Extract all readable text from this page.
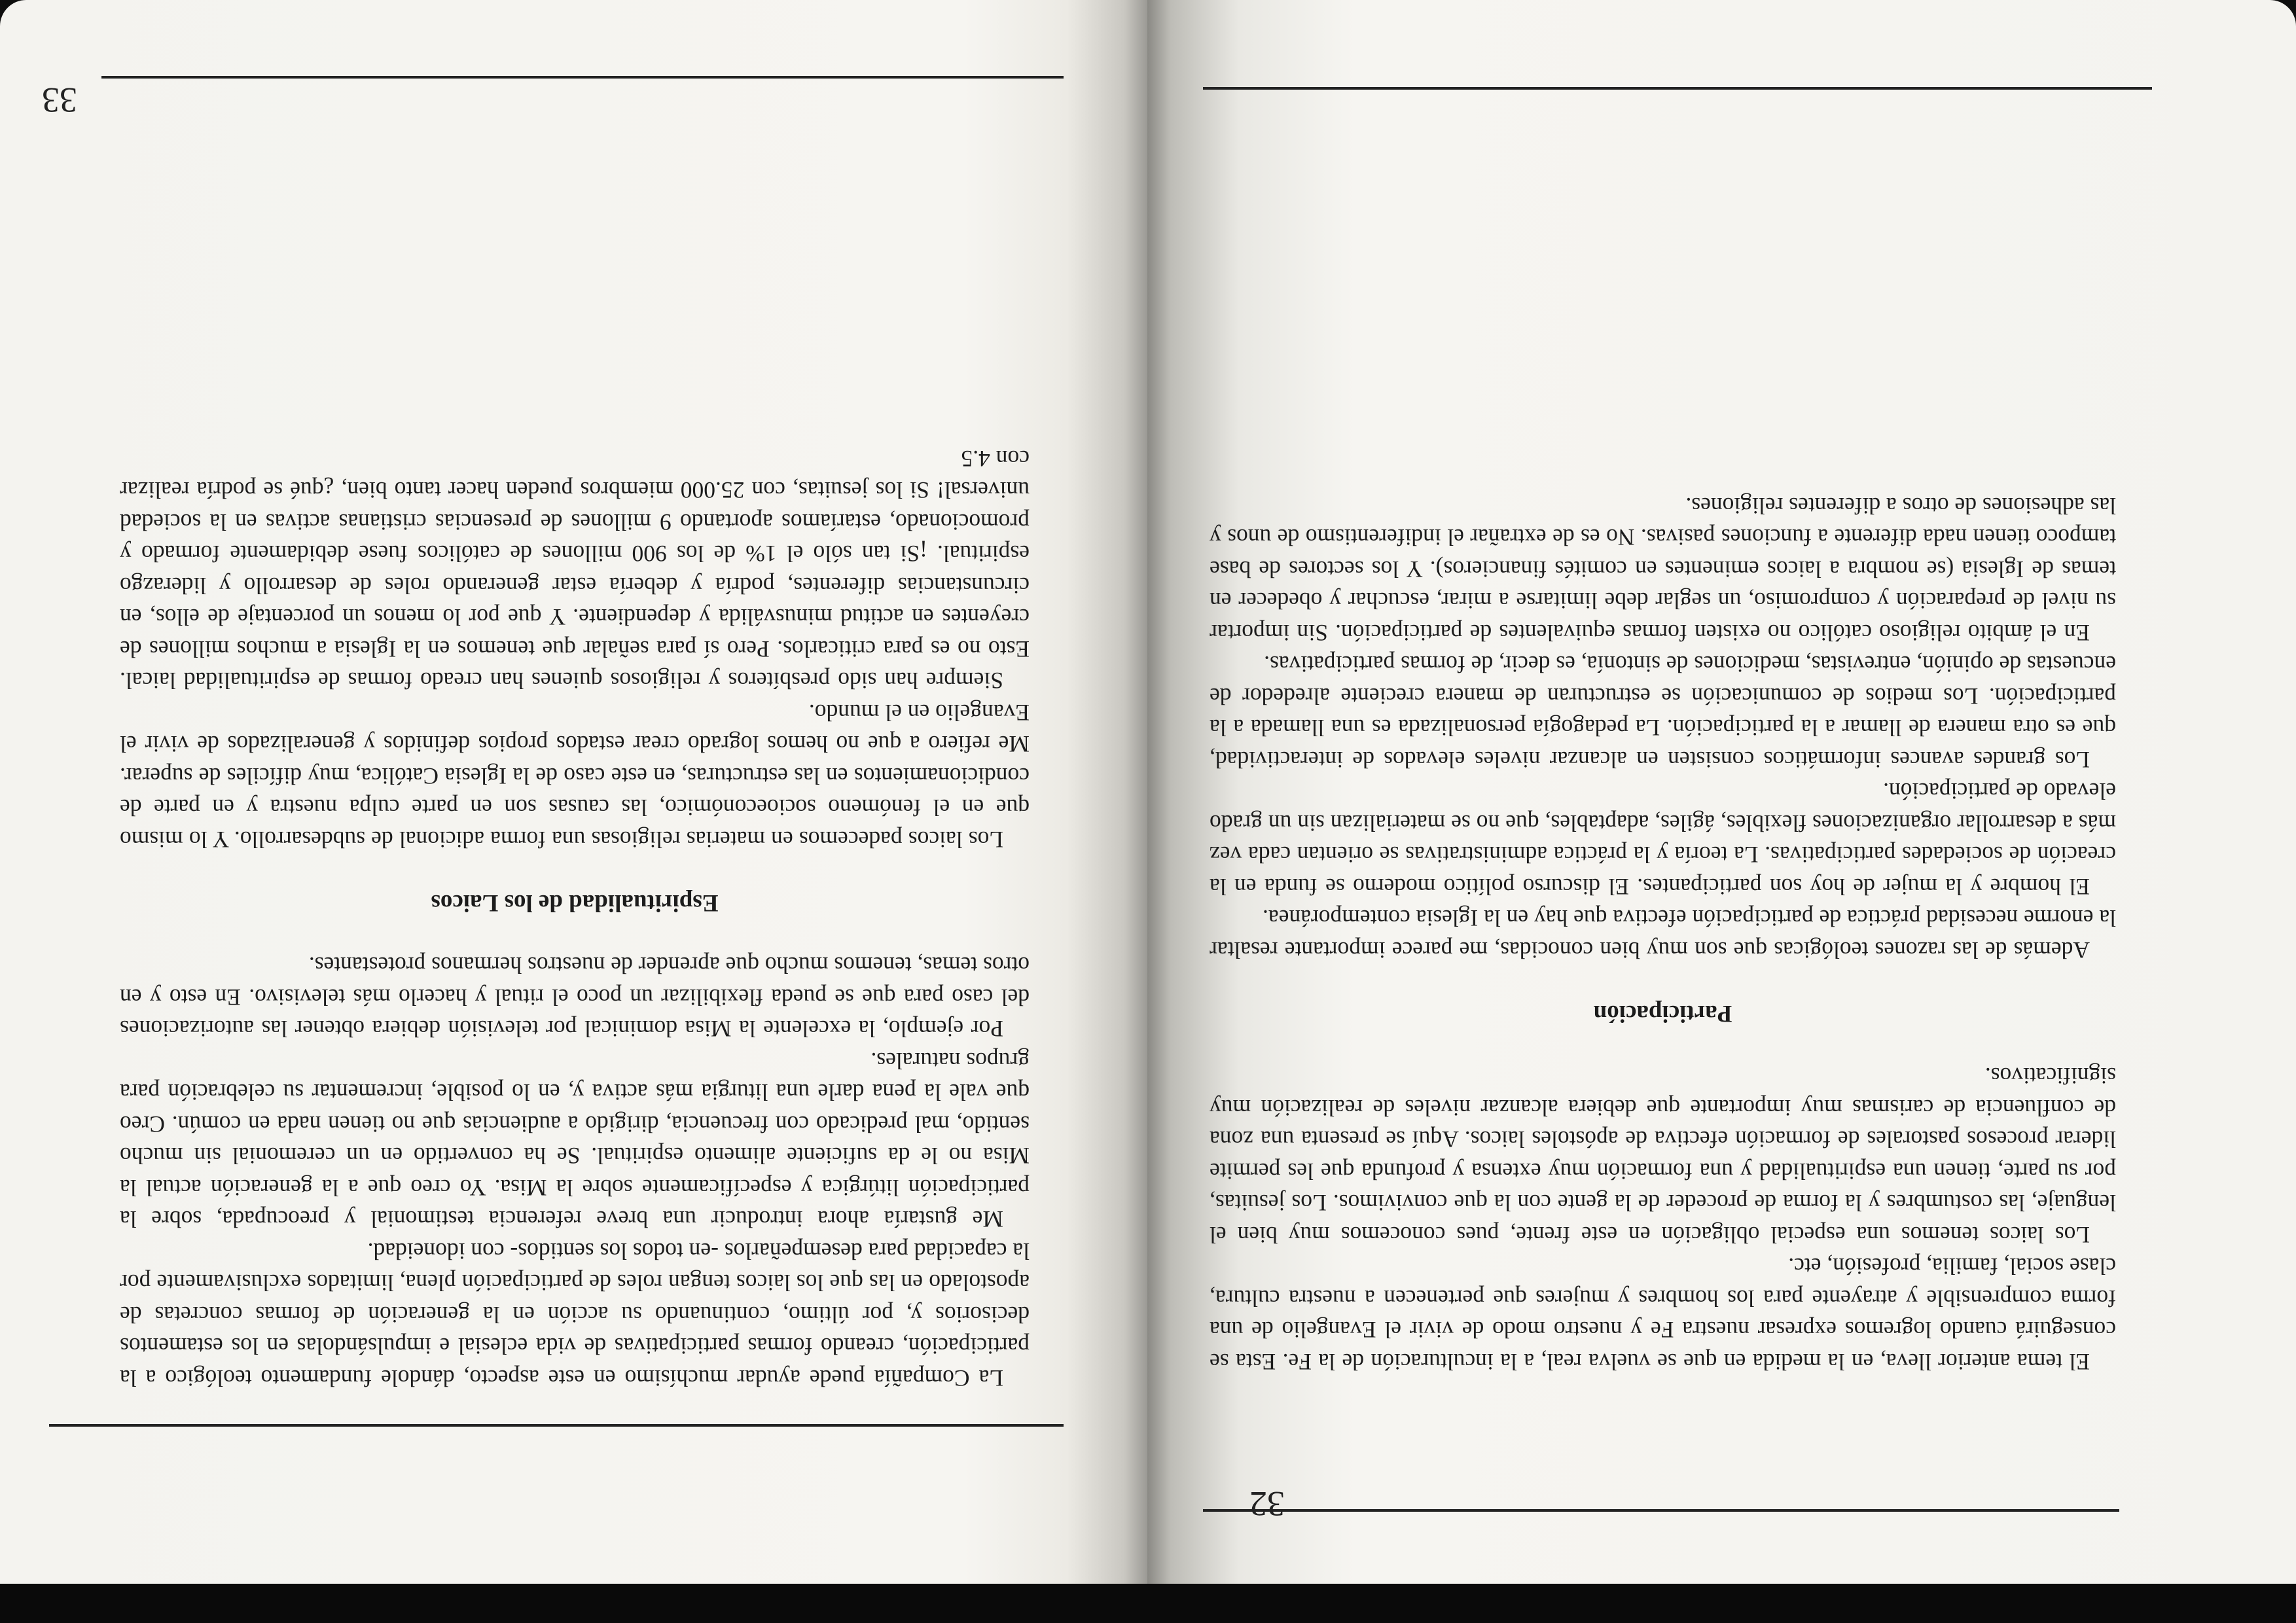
32

El tema anterior lleva, en la medida en que se vuelva real, a la inculturación de la Fe. Esta se conseguirá cuando logremos expresar nuestra Fe y nuestro modo de vivir el Evangelio de una forma comprensible y atrayente para los hombres y mujeres que pertenecen a nuestra cultura, clase social, familia, profesión, etc.

Los laicos tenemos una especial obligación en este frente, pues conocemos muy bien el lenguaje, las costumbres y la forma de proceder de la gente con la que convivimos. Los jesuitas, por su parte, tienen una espiritualidad y una formación muy extensa y profunda que les permite liderar procesos pastorales de formación efectiva de apóstoles laicos. Aquí se presenta una zona de confluencia de carismas muy importante que debiera alcanzar niveles de realización muy significativos.

Participación

Además de las razones teológicas que son muy bien conocidas, me parece importante resaltar la enorme necesidad práctica de participación efectiva que hay en la Iglesia contemporánea.

El hombre y la mujer de hoy son participantes. El discurso político moderno se funda en la creación de sociedades participativas. La teoría y la práctica administrativas se orientan cada vez más a desarrollar organizaciones flexibles, ágiles, adaptables, que no se materializan sin un grado elevado de participación.

Los grandes avances informáticos consisten en alcanzar niveles elevados de interactividad, que es otra manera de llamar a la participación. La pedagogía personalizada es una llamada a la participación. Los medios de comunicación se estructuran de manera creciente alrededor de encuestas de opinión, entrevistas, mediciones de sintonía, es decir, de formas participativas.

En el ámbito religioso católico no existen formas equivalentes de participación. Sin importar su nivel de preparación y compromiso, un seglar debe limitarse a mirar, escuchar y obedecer en temas de Iglesia (se nombra a laicos eminentes en comités financieros). Y los sectores de base tampoco tienen nada diferente a funciones pasivas. No es de extrañar el indiferentismo de unos y las adhesiones de otros a diferentes religiones.

La Compañía puede ayudar muchísimo en este aspecto, dándole fundamento teológico a la participación, creando formas participativas de vida eclesial e impulsándolas en los estamentos decisorios y, por último, continuando su acción en la generación de formas concretas de apostolado en las que los laicos tengan roles de participación plena, limitados exclusivamente por la capacidad para desempeñarlos -en todos los sentidos- con idoneidad.

Me gustaría ahora introducir una breve referencia testimonial y preocupada, sobre la participación litúrgica y específicamente sobre la Misa. Yo creo que a la generación actual la Misa no le da suficiente alimento espiritual. Se ha convertido en un ceremonial sin mucho sentido, mal predicado con frecuencia, dirigido a audiencias que no tienen nada en común. Creo que vale la pena darle una liturgia más activa y, en lo posible, incrementar su celebración para grupos naturales.

Por ejemplo, la excelente la Misa dominical por televisión debiera obtener las autorizaciones del caso para que se pueda flexibilizar un poco el ritual y hacerlo más televisivo. En esto y en otros temas, tenemos mucho que aprender de nuestros hermanos protestantes.

Espiritualidad de los Laicos

Los laicos padecemos en materias religiosas una forma adicional de subdesarrollo. Y lo mismo que en el fenómeno socioeconómico, las causas son en parte culpa nuestra y en parte de condicionamientos en las estructuras, en este caso de la Iglesia Católica, muy difíciles de superar. Me refiero a que no hemos logrado crear estados propios definidos y generalizados de vivir el Evangelio en el mundo.

Siempre han sido presbíteros y religiosos quienes han creado formas de espiritualidad laical. Esto no es para criticarlos. Pero sí para señalar que tenemos en la Iglesia a muchos millones de creyentes en actitud minusválida y dependiente. Y que por lo menos un porcentaje de ellos, en circunstancias diferentes, podría y debería estar generando roles de desarrollo y liderazgo espiritual. ¡Si tan sólo el 1% de los 900 millones de católicos fuese debidamente formado y promocionado, estaríamos aportando 9 millones de presencias cristianas activas en la sociedad universal! Si los jesuitas, con 25.000 miembros pueden hacer tanto bien, ¿qué se podría realizar con 4.5

33
